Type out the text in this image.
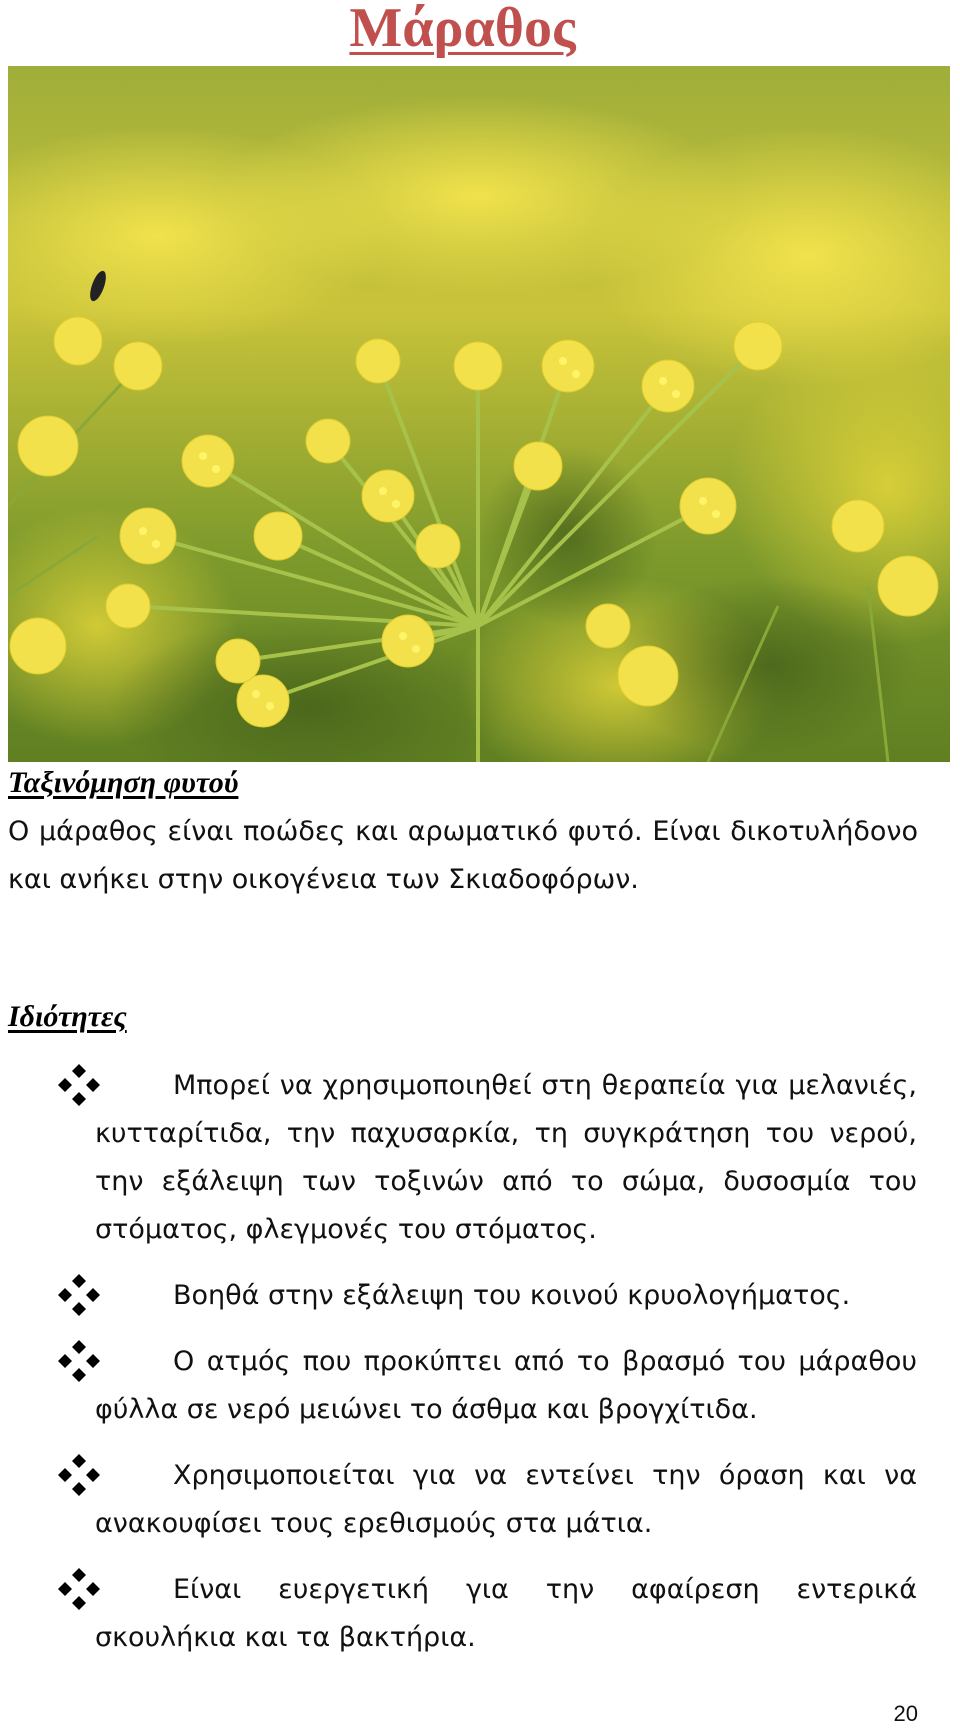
Μάραθος
Ταξινόμηση φυτού
Ο μάραθος είναι ποώδες και αρωματικό φυτό. Είναι δικοτυλήδονο και ανήκει στην οικογένεια των Σκιαδοφόρων.
Ιδιότητες
Μπορεί να χρησιμοποιηθεί στη θεραπεία για μελανιές, κυτταρίτιδα, την παχυσαρκία, τη συγκράτηση του νερού, την εξάλειψη των τοξινών από το σώμα, δυσοσμία του στόματος, φλεγμονές του στόματος.
Βοηθά στην εξάλειψη του κοινού κρυολογήματος.
Ο ατμός που προκύπτει από το βρασμό του μάραθου φύλλα σε νερό μειώνει το άσθμα και βρογχίτιδα.
Χρησιμοποιείται για να εντείνει την όραση και να ανακουφίσει τους ερεθισμούς στα μάτια.
Είναι ευεργετική για την αφαίρεση εντερικά σκουλήκια και τα βακτήρια.
20
